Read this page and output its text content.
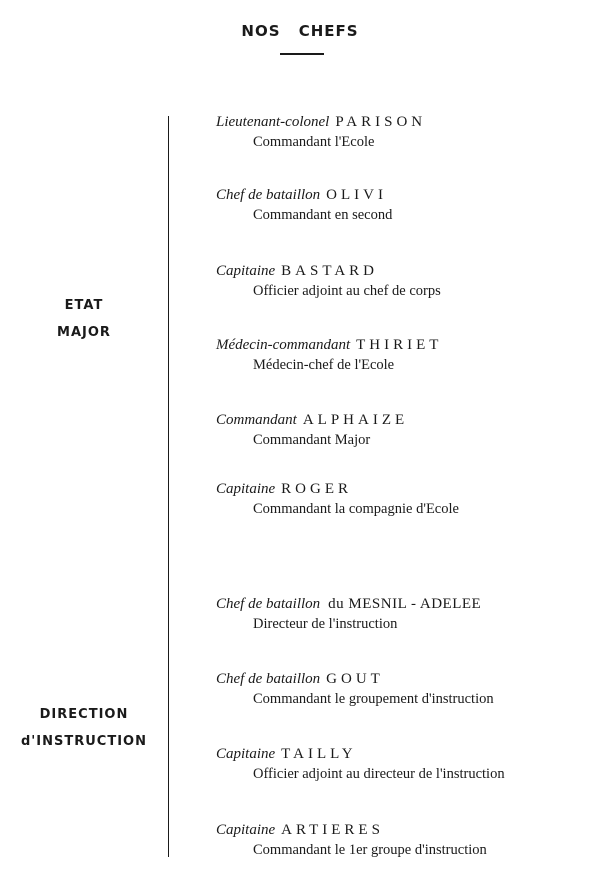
NOS CHEFS
ETAT
MAJOR
DIRECTION
d'INSTRUCTION
Lieutenant-colonel PARISON
Commandant l'Ecole
Chef de bataillon OLIVI
Commandant en second
Capitaine BASTARD
Officier adjoint au chef de corps
Médecin-commandant THIRIET
Médecin-chef de l'Ecole
Commandant ALPHAIZE
Commandant Major
Capitaine ROGER
Commandant la compagnie d'Ecole
Chef de bataillon du MESNIL - ADELEE
Directeur de l'instruction
Chef de bataillon GOUT
Commandant le groupement d'instruction
Capitaine TAILLY
Officier adjoint au directeur de l'instruction
Capitaine ARTIERES
Commandant le 1er groupe d'instruction
